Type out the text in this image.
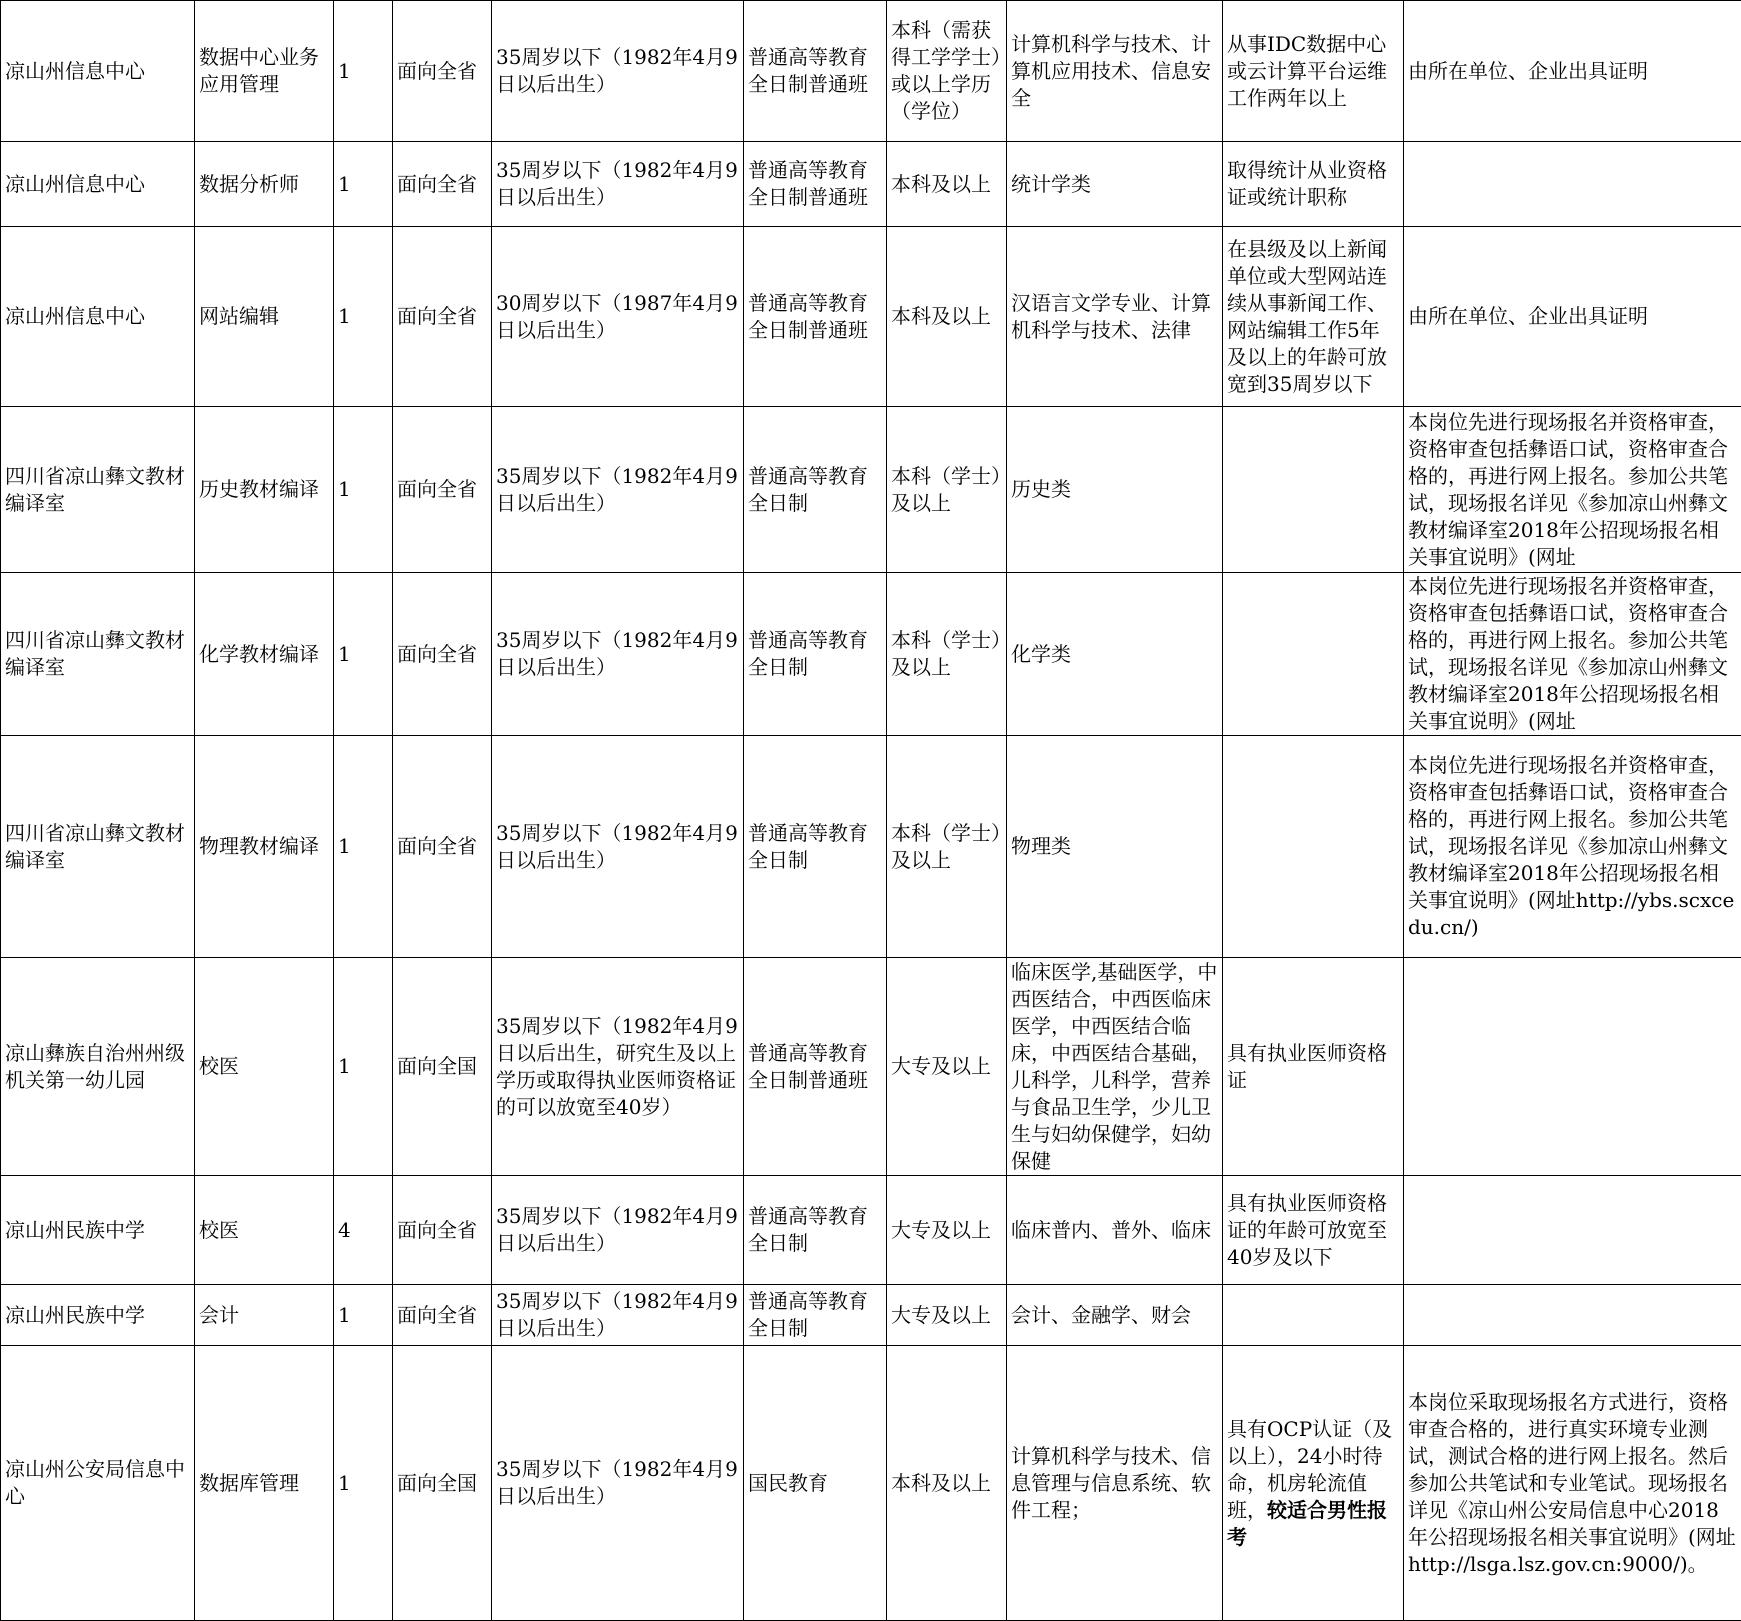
凉山州信息中心	数据中心业务应用管理	1	面向全省	35周岁以下（1982年4月9日以后出生）	普通高等教育全日制普通班	本科（需获得工学学士）或以上学历（学位）	计算机科学与技术、计算机应用技术、信息安全	从事IDC数据中心或云计算平台运维工作两年以上	由所在单位、企业出具证明
凉山州信息中心	数据分析师	1	面向全省	35周岁以下（1982年4月9日以后出生）	普通高等教育全日制普通班	本科及以上	统计学类	取得统计从业资格证或统计职称	
凉山州信息中心	网站编辑	1	面向全省	30周岁以下（1987年4月9日以后出生）	普通高等教育全日制普通班	本科及以上	汉语言文学专业、计算机科学与技术、法律	在县级及以上新闻单位或大型网站连续从事新闻工作、网站编辑工作5年及以上的年龄可放宽到35周岁以下	由所在单位、企业出具证明
四川省凉山彝文教材编译室	历史教材编译	1	面向全省	35周岁以下（1982年4月9日以后出生）	普通高等教育全日制	本科（学士）及以上	历史类		本岗位先进行现场报名并资格审查，资格审查包括彝语口试，资格审查合格的，再进行网上报名。参加公共笔试，现场报名详见《参加凉山州彝文教材编译室2018年公招现场报名相关事宜说明》(网址
四川省凉山彝文教材编译室	化学教材编译	1	面向全省	35周岁以下（1982年4月9日以后出生）	普通高等教育全日制	本科（学士）及以上	化学类		本岗位先进行现场报名并资格审查，资格审查包括彝语口试，资格审查合格的，再进行网上报名。参加公共笔试，现场报名详见《参加凉山州彝文教材编译室2018年公招现场报名相关事宜说明》(网址
四川省凉山彝文教材编译室	物理教材编译	1	面向全省	35周岁以下（1982年4月9日以后出生）	普通高等教育全日制	本科（学士）及以上	物理类		本岗位先进行现场报名并资格审查，资格审查包括彝语口试，资格审查合格的，再进行网上报名。参加公共笔试，现场报名详见《参加凉山州彝文教材编译室2018年公招现场报名相关事宜说明》(网址http://ybs.scxcedu.cn/)
凉山彝族自治州州级机关第一幼儿园	校医	1	面向全国	35周岁以下（1982年4月9日以后出生，研究生及以上学历或取得执业医师资格证的可以放宽至40岁）	普通高等教育全日制普通班	大专及以上	临床医学,基础医学，中西医结合，中西医临床医学，中西医结合临床，中西医结合基础，儿科学，儿科学，营养与食品卫生学，少儿卫生与妇幼保健学，妇幼保健	具有执业医师资格证	
凉山州民族中学	校医	4	面向全省	35周岁以下（1982年4月9日以后出生）	普通高等教育全日制	大专及以上	临床普内、普外、临床	具有执业医师资格证的年龄可放宽至40岁及以下	
凉山州民族中学	会计	1	面向全省	35周岁以下（1982年4月9日以后出生）	普通高等教育全日制	大专及以上	会计、金融学、财会		
凉山州公安局信息中心	数据库管理	1	面向全国	35周岁以下（1982年4月9日以后出生）	国民教育	本科及以上	计算机科学与技术、信息管理与信息系统、软件工程；	具有OCP认证（及以上），24小时待命，机房轮流值班，较适合男性报考	本岗位采取现场报名方式进行，资格审查合格的，进行真实环境专业测试，测试合格的进行网上报名。然后参加公共笔试和专业笔试。现场报名详见《凉山州公安局信息中心2018年公招现场报名相关事宜说明》(网址http://lsga.lsz.gov.cn:9000/)。
